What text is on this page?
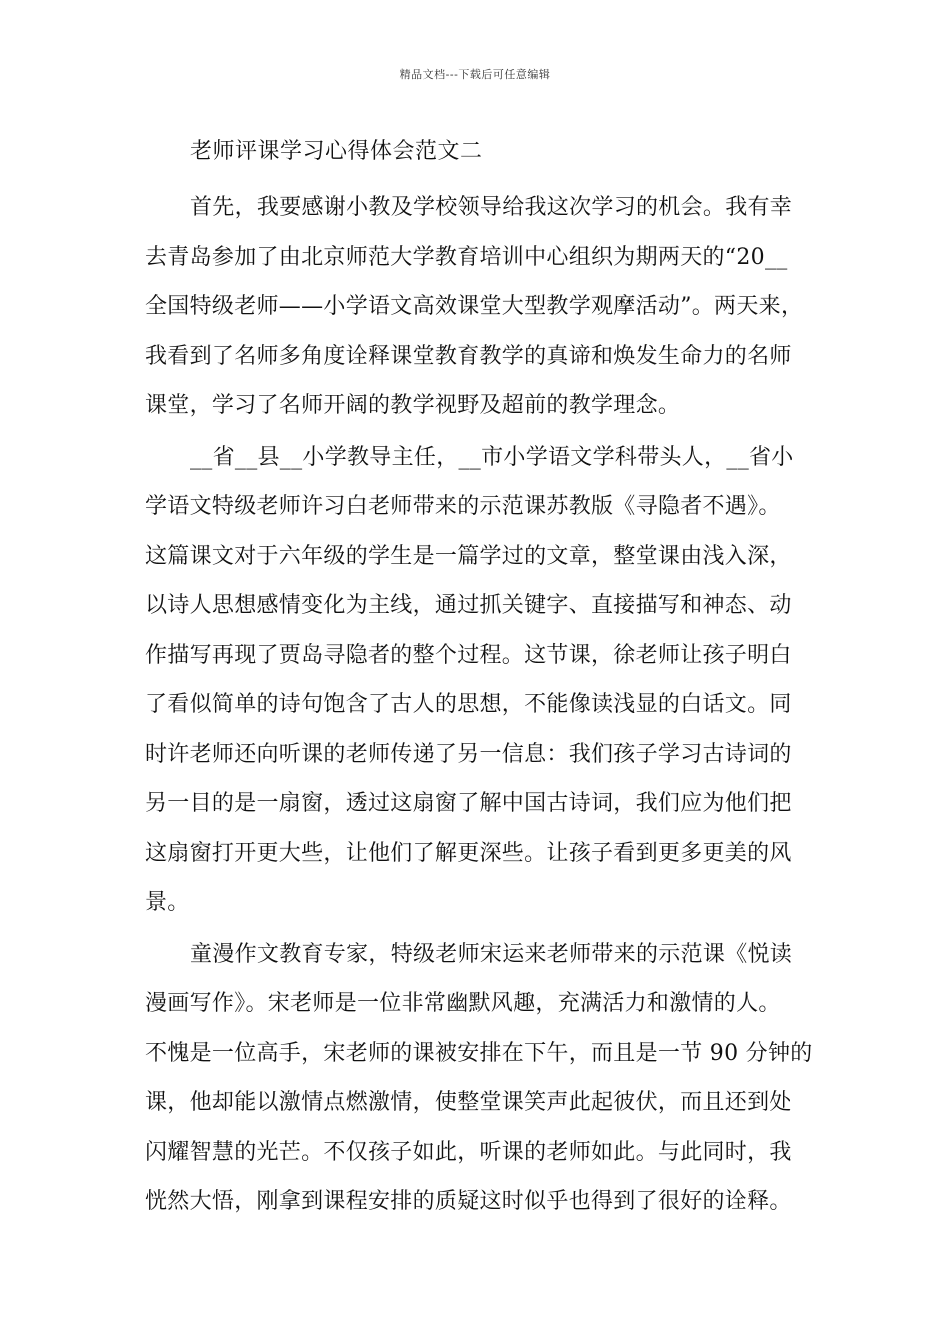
精品文档---下载后可任意编辑
老师评课学习心得体会范文二
首先，我要感谢小教及学校领导给我这次学习的机会。我有幸
去青岛参加了由北京师范大学教育培训中心组织为期两天的“20__
全国特级老师——小学语文高效课堂大型教学观摩活动”。两天来，
我看到了名师多角度诠释课堂教育教学的真谛和焕发生命力的名师
课堂，学习了名师开阔的教学视野及超前的教学理念。
__省__县__小学教导主任，__市小学语文学科带头人，__省小
学语文特级老师许习白老师带来的示范课苏教版《寻隐者不遇》。
这篇课文对于六年级的学生是一篇学过的文章，整堂课由浅入深，
以诗人思想感情变化为主线，通过抓关键字、直接描写和神态、动
作描写再现了贾岛寻隐者的整个过程。这节课，徐老师让孩子明白
了看似简单的诗句饱含了古人的思想，不能像读浅显的白话文。同
时许老师还向听课的老师传递了另一信息：我们孩子学习古诗词的
另一目的是一扇窗，透过这扇窗了解中国古诗词，我们应为他们把
这扇窗打开更大些，让他们了解更深些。让孩子看到更多更美的风
景。
童漫作文教育专家，特级老师宋运来老师带来的示范课《悦读
漫画写作》。宋老师是一位非常幽默风趣，充满活力和激情的人。
不愧是一位高手，宋老师的课被安排在下午，而且是一节 90 分钟的
课，他却能以激情点燃激情，使整堂课笑声此起彼伏，而且还到处
闪耀智慧的光芒。不仅孩子如此，听课的老师如此。与此同时，我
恍然大悟，刚拿到课程安排的质疑这时似乎也得到了很好的诠释。
